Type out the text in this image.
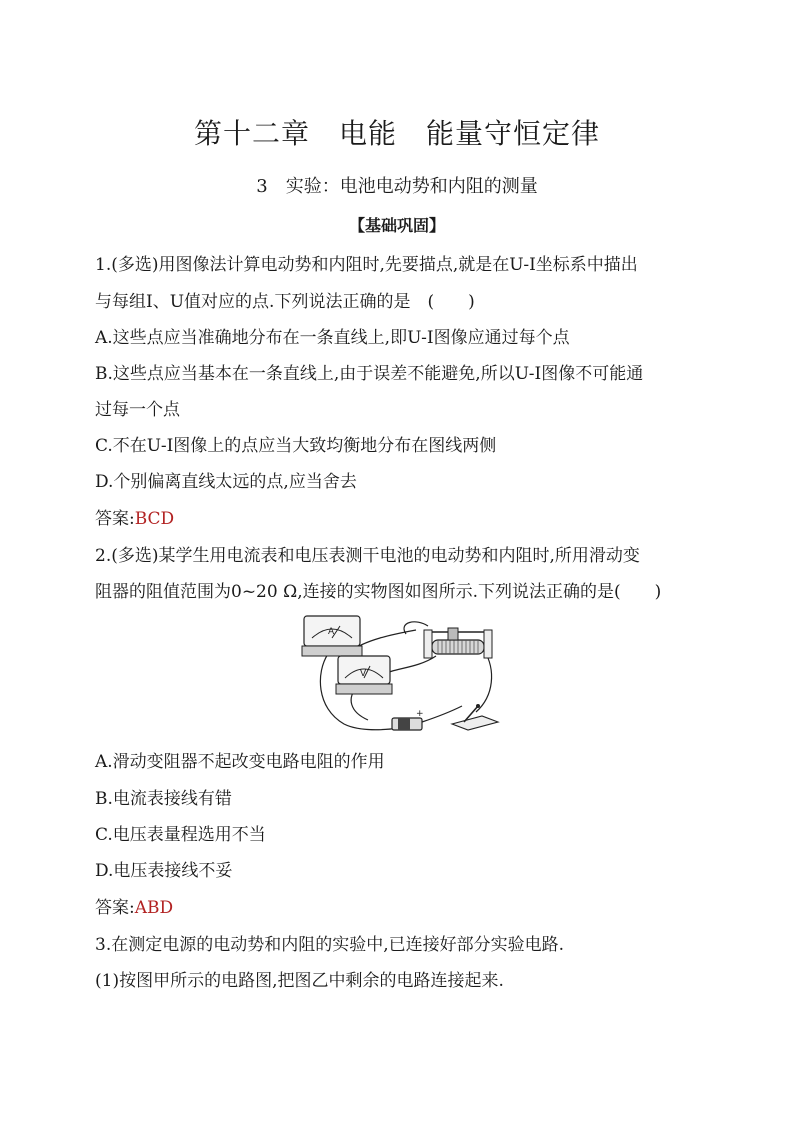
第十二章　电能　能量守恒定律
3　实验：电池电动势和内阻的测量
【基础巩固】
1.(多选)用图像法计算电动势和内阻时,先要描点,就是在U-I坐标系中描出
与每组I、U值对应的点.下列说法正确的是　(　　)
A.这些点应当准确地分布在一条直线上,即U-I图像应通过每个点
B.这些点应当基本在一条直线上,由于误差不能避免,所以U-I图像不可能通
过每一个点
C.不在U-I图像上的点应当大致均衡地分布在图线两侧
D.个别偏离直线太远的点,应当舍去
答案:BCD
2.(多选)某学生用电流表和电压表测干电池的电动势和内阻时,所用滑动变
阻器的阻值范围为0~20 Ω,连接的实物图如图所示.下列说法正确的是(　　)
A
V
+
A.滑动变阻器不起改变电路电阻的作用
B.电流表接线有错
C.电压表量程选用不当
D.电压表接线不妥
答案:ABD
3.在测定电源的电动势和内阻的实验中,已连接好部分实验电路.
(1)按图甲所示的电路图,把图乙中剩余的电路连接起来.
